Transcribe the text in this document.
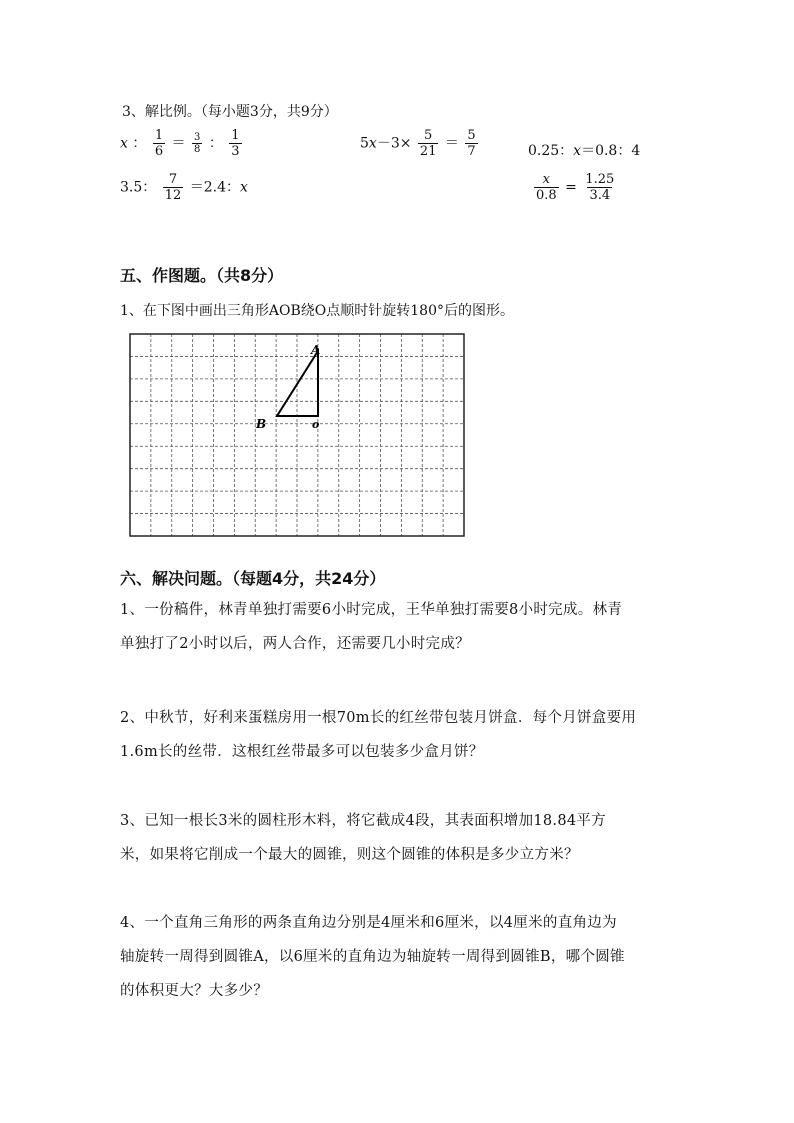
3、解比例。（每小题3分，共9分）
x ： $\frac{1}{6} = \frac{3}{8}$ ： $\frac{1}{3}$	$5x-3\times \frac{5}{21} = \frac{5}{7}$	0.25：x＝0.8：4
3.5： $\frac{7}{12} =2.4$：x	$\frac{x}{0.8} = \frac{1.25}{3.4}$
五、作图题。（共8分）
1、在下图中画出三角形AOB绕O点顺时针旋转180°后的图形。
A
B	o
六、解决问题。（每题4分，共24分）
1、一份稿件，林青单独打需要6小时完成，王华单独打需要8小时完成。林青
单独打了2小时以后，两人合作，还需要几小时完成？
2、中秋节，好利来蛋糕房用一根70m长的红丝带包装月饼盒．每个月饼盒要用
1.6m长的丝带．这根红丝带最多可以包装多少盒月饼？
3、已知一根长3米的圆柱形木料，将它截成4段，其表面积增加18.84平方
米，如果将它削成一个最大的圆锥，则这个圆锥的体积是多少立方米？
4、一个直角三角形的两条直角边分别是4厘米和6厘米，以4厘米的直角边为
轴旋转一周得到圆锥A，以6厘米的直角边为轴旋转一周得到圆锥B，哪个圆锥
的体积更大？大多少？
